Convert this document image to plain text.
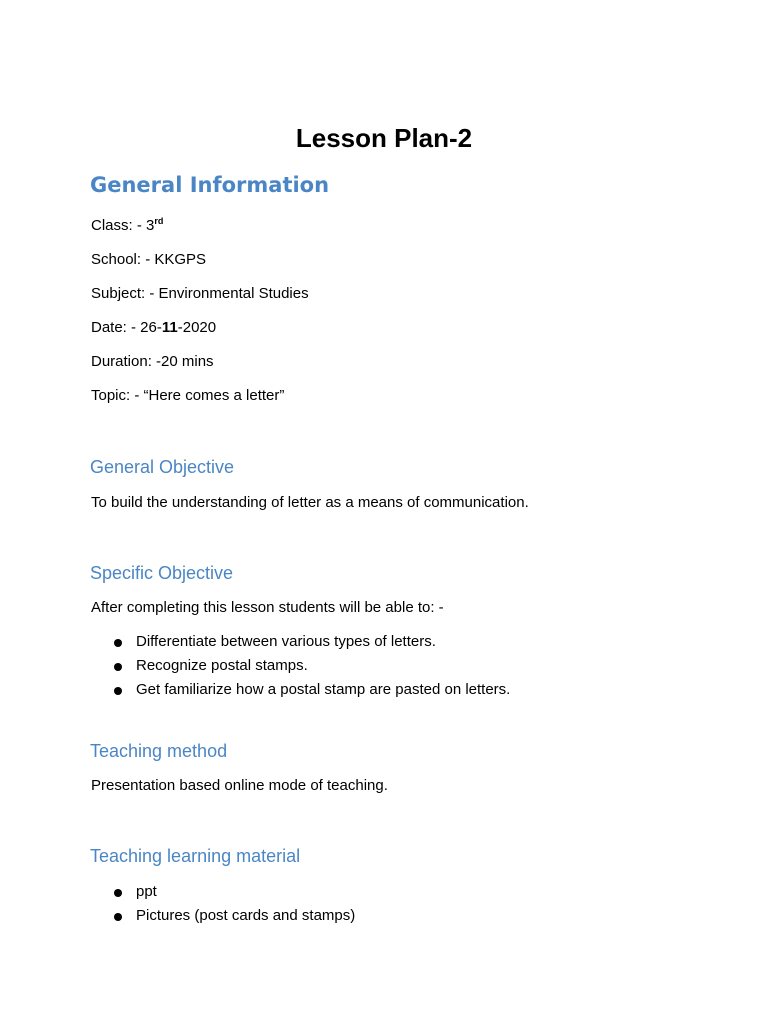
Lesson Plan-2
General Information

Class: - 3rd

School: - KKGPS

Subject: - Environmental Studies

Date: - 26-11-2020

Duration: -20 mins

Topic: - “Here comes a letter”

General Objective

To build the understanding of letter as a means of communication.

Specific Objective

After completing this lesson students will be able to: -

Differentiate between various types of letters.
Recognize postal stamps.
Get familiarize how a postal stamp are pasted on letters.
Teaching method

Presentation based online mode of teaching.

Teaching learning material
ppt
Pictures (post cards and stamps)
